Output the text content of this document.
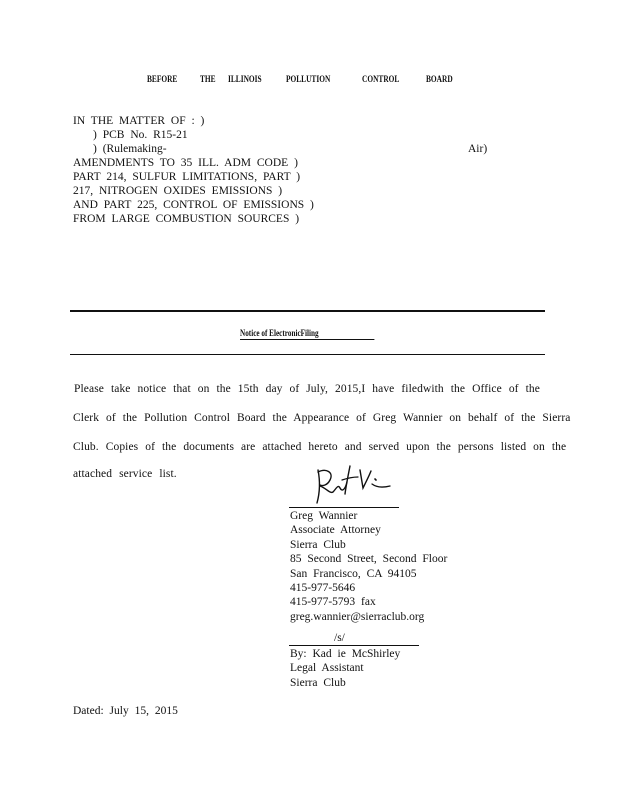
BEFORE	THE ILLINOIS	POLLUTION	CONTROL	BOARD
IN THE MATTER OF : )
) PCB No. R15-21
) (Rulemaking-	Air)
AMENDMENTS TO 35 ILL. ADM CODE )
PART 214, SULFUR LIMITATIONS, PART )
217, NITROGEN OXIDES EMISSIONS )
AND PART 225, CONTROL OF EMISSIONS )
FROM LARGE COMBUSTION SOURCES )
Notice of ElectronicFiling
Please take notice that on the 15th day of July, 2015,I have filedwith the Office of the
Clerk of the Pollution Control Board the Appearance of Greg Wannier on behalf of the Sierra
Club. Copies of the documents are attached hereto and served upon the persons listed on the
attached service list.
Greg Wannier
Associate Attorney
Sierra Club
85 Second Street, Second Floor
San Francisco, CA 94105
415-977-5646
415-977-5793 fax
greg.wannier@sierraclub.org
/s/
By: Kad ie McShirley
Legal Assistant
Sierra Club
Dated: July 15, 2015
